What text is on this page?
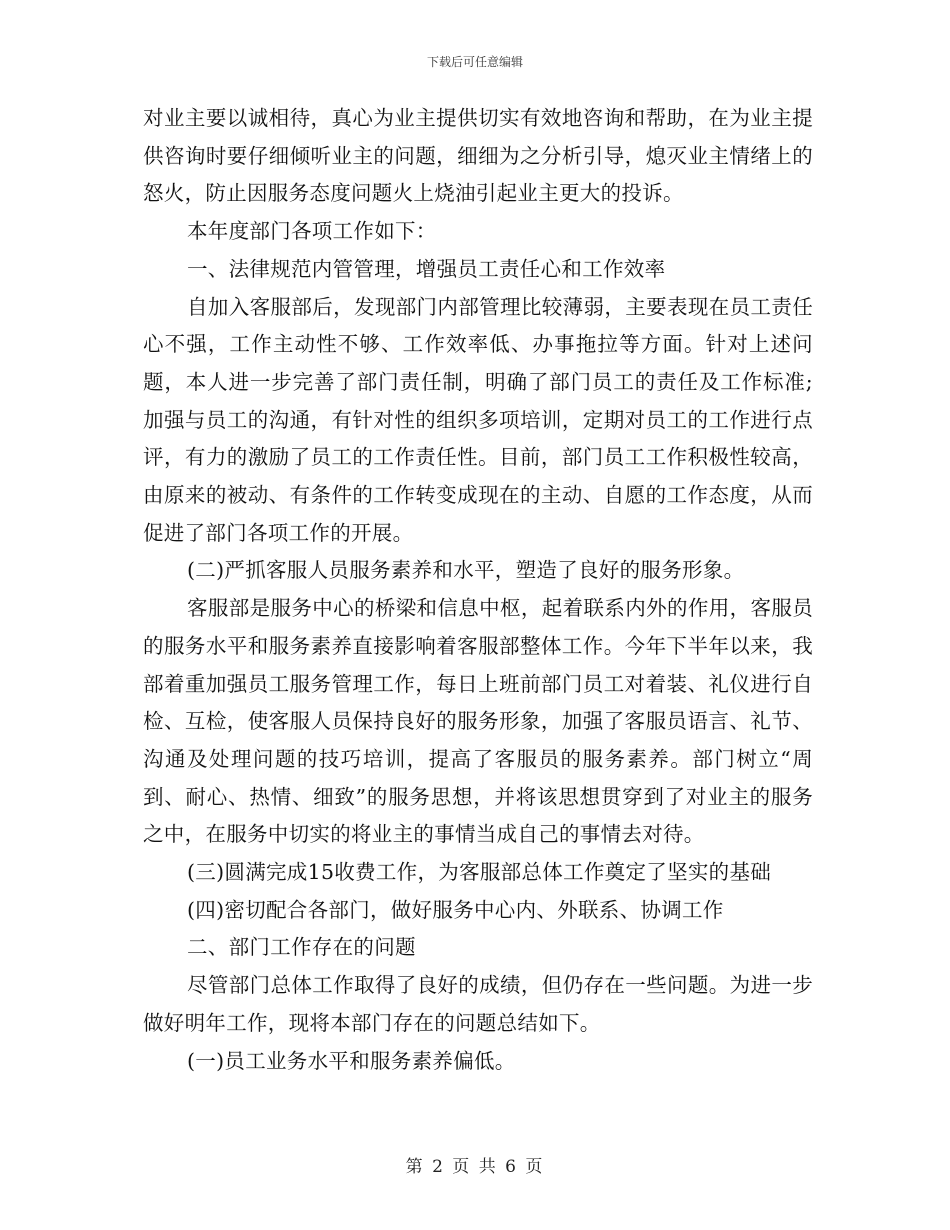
下载后可任意编辑

对业主要以诚相待，真心为业主提供切实有效地咨询和帮助，在为业主提供咨询时要仔细倾听业主的问题，细细为之分析引导，熄灭业主情绪上的怒火，防止因服务态度问题火上烧油引起业主更大的投诉。

本年度部门各项工作如下：

一、法律规范内管管理，增强员工责任心和工作效率

自加入客服部后，发现部门内部管理比较薄弱，主要表现在员工责任心不强，工作主动性不够、工作效率低、办事拖拉等方面。针对上述问题，本人进一步完善了部门责任制，明确了部门员工的责任及工作标准;加强与员工的沟通，有针对性的组织多项培训，定期对员工的工作进行点评，有力的激励了员工的工作责任性。目前，部门员工工作积极性较高，由原来的被动、有条件的工作转变成现在的主动、自愿的工作态度，从而促进了部门各项工作的开展。

(二)严抓客服人员服务素养和水平，塑造了良好的服务形象。

客服部是服务中心的桥梁和信息中枢，起着联系内外的作用，客服员的服务水平和服务素养直接影响着客服部整体工作。今年下半年以来，我部着重加强员工服务管理工作，每日上班前部门员工对着装、礼仪进行自检、互检，使客服人员保持良好的服务形象，加强了客服员语言、礼节、沟通及处理问题的技巧培训，提高了客服员的服务素养。部门树立“周到、耐心、热情、细致”的服务思想，并将该思想贯穿到了对业主的服务之中，在服务中切实的将业主的事情当成自己的事情去对待。

(三)圆满完成15收费工作，为客服部总体工作奠定了坚实的基础

(四)密切配合各部门，做好服务中心内、外联系、协调工作

二、部门工作存在的问题

尽管部门总体工作取得了良好的成绩，但仍存在一些问题。为进一步做好明年工作，现将本部门存在的问题总结如下。

(一)员工业务水平和服务素养偏低。

第 2 页 共 6 页
